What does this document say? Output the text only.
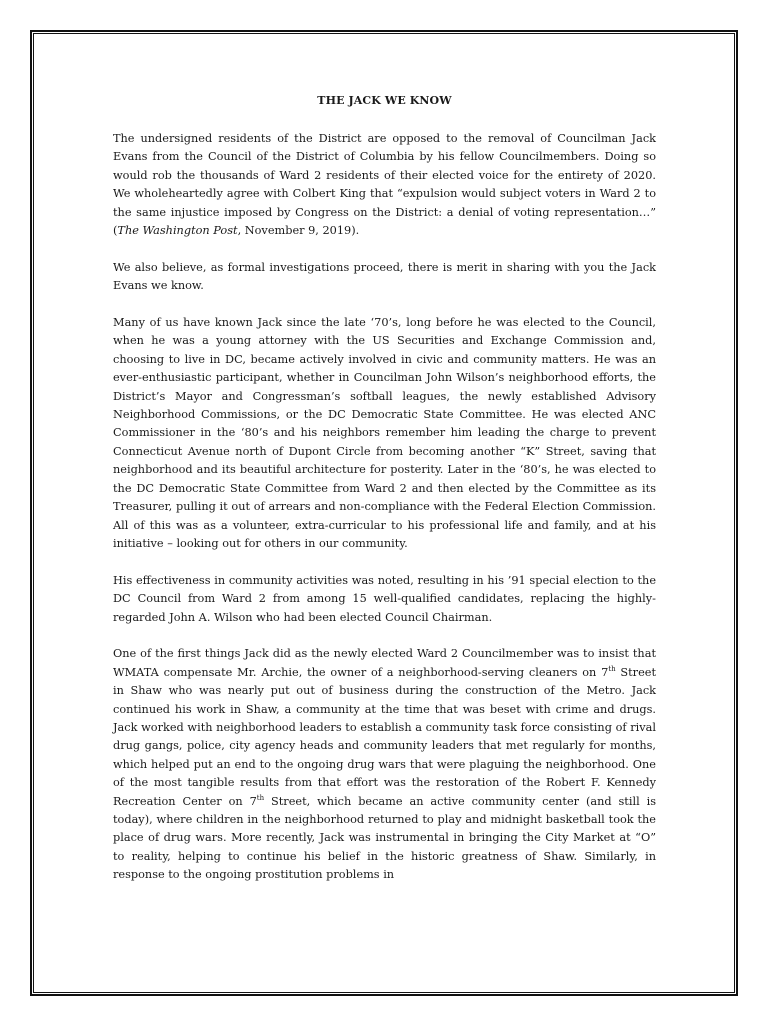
THE JACK WE KNOW

The undersigned residents of the District are opposed to the removal of Councilman Jack Evans from the Council of the District of Columbia by his fellow Councilmembers. Doing so would rob the thousands of Ward 2 residents of their elected voice for the entirety of 2020. We wholeheartedly agree with Colbert King that “expulsion would subject voters in Ward 2 to the same injustice imposed by Congress on the District: a denial of voting representation…” (The Washington Post, November 9, 2019).

We also believe, as formal investigations proceed, there is merit in sharing with you the Jack Evans we know.

Many of us have known Jack since the late ‘70’s, long before he was elected to the Council, when he was a young attorney with the US Securities and Exchange Commission and, choosing to live in DC, became actively involved in civic and community matters. He was an ever-enthusiastic participant, whether in Councilman John Wilson’s neighborhood efforts, the District’s Mayor and Congressman’s softball leagues, the newly established Advisory Neighborhood Commissions, or the DC Democratic State Committee. He was elected ANC Commissioner in the ‘80’s and his neighbors remember him leading the charge to prevent Connecticut Avenue north of Dupont Circle from becoming another “K” Street, saving that neighborhood and its beautiful architecture for posterity. Later in the ‘80’s, he was elected to the DC Democratic State Committee from Ward 2 and then elected by the Committee as its Treasurer, pulling it out of arrears and non-compliance with the Federal Election Commission. All of this was as a volunteer, extra-curricular to his professional life and family, and at his initiative – looking out for others in our community.

His effectiveness in community activities was noted, resulting in his ’91 special election to the DC Council from Ward 2 from among 15 well-qualified candidates, replacing the highly-regarded John A. Wilson who had been elected Council Chairman.

One of the first things Jack did as the newly elected Ward 2 Councilmember was to insist that WMATA compensate Mr. Archie, the owner of a neighborhood-serving cleaners on 7th Street in Shaw who was nearly put out of business during the construction of the Metro. Jack continued his work in Shaw, a community at the time that was beset with crime and drugs. Jack worked with neighborhood leaders to establish a community task force consisting of rival drug gangs, police, city agency heads and community leaders that met regularly for months, which helped put an end to the ongoing drug wars that were plaguing the neighborhood. One of the most tangible results from that effort was the restoration of the Robert F. Kennedy Recreation Center on 7th Street, which became an active community center (and still is today), where children in the neighborhood returned to play and midnight basketball took the place of drug wars. More recently, Jack was instrumental in bringing the City Market at “O” to reality, helping to continue his belief in the historic greatness of Shaw. Similarly, in response to the ongoing prostitution problems in
